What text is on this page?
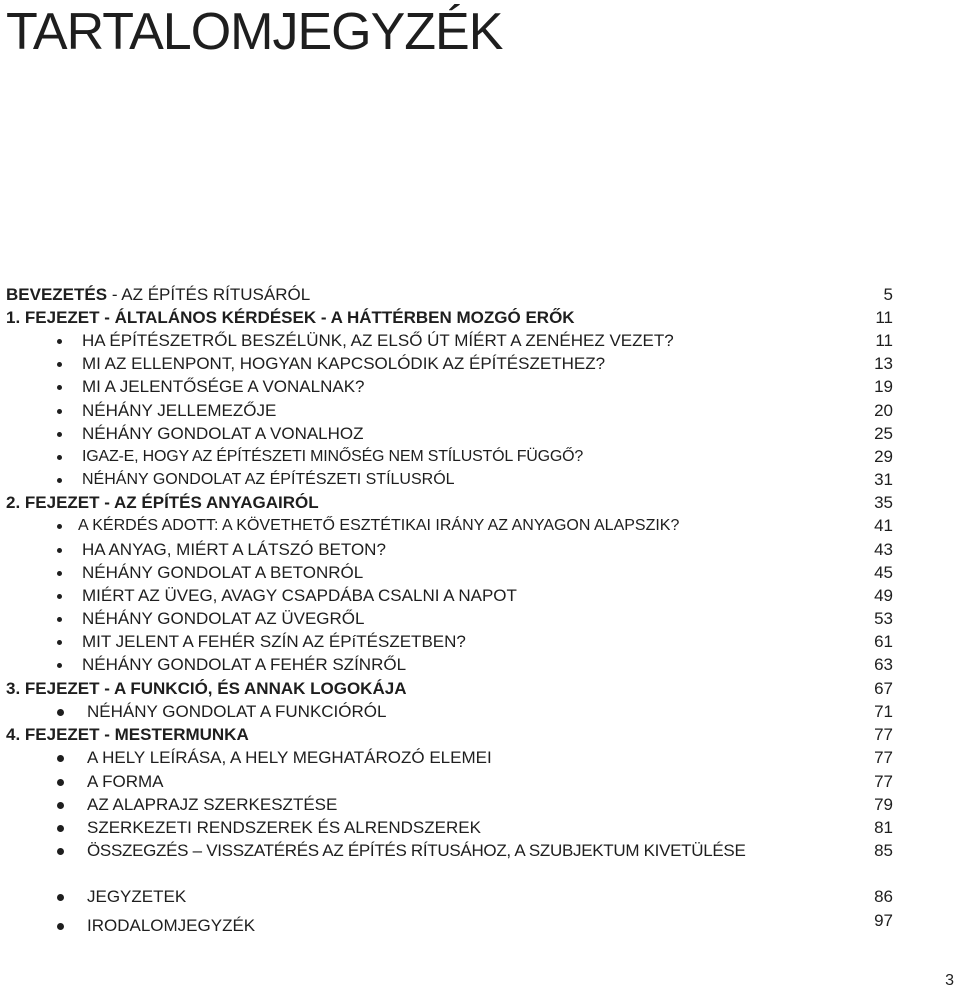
TARTALOMJEGYZÉK
BEVEZETÉS - AZ ÉPÍTÉS RÍTUSÁRÓL	5
1. FEJEZET - ÁLTALÁNOS KÉRDÉSEK - A HÁTTÉRBEN MOZGÓ ERŐK	11
HA ÉPÍTÉSZETRŐL BESZÉLÜNK, AZ ELSŐ ÚT MÍÉRT A ZENÉHEZ VEZET?	11
MI AZ ELLENPONT, HOGYAN KAPCSOLÓDIK AZ ÉPÍTÉSZETHEZ?	13
MI A JELENTŐSÉGE A VONALNAK?	19
NÉHÁNY JELLEMEZŐJE	20
NÉHÁNY GONDOLAT A VONALHOZ	25
IGAZ-E, HOGY AZ ÉPÍTÉSZETI MINŐSÉG NEM STÍLUSTÓL FÜGGŐ?	29
NÉHÁNY GONDOLAT AZ ÉPÍTÉSZETI STÍLUSRÓL	31
2. FEJEZET - AZ ÉPÍTÉS ANYAGAIRÓL	35
A KÉRDÉS ADOTT: A KÖVETHETŐ ESZTÉTIKAI IRÁNY AZ ANYAGON ALAPSZIK?	41
HA ANYAG, MIÉRT A LÁTSZÓ BETON?	43
NÉHÁNY GONDOLAT A BETONRÓL	45
MIÉRT AZ ÜVEG, AVAGY CSAPDÁBA CSALNI A NAPOT	49
NÉHÁNY GONDOLAT AZ ÜVEGRŐL	53
MIT JELENT A FEHÉR SZÍN AZ ÉPíTÉSZETBEN?	61
NÉHÁNY GONDOLAT A FEHÉR SZÍNRŐL	63
3. FEJEZET - A FUNKCIÓ, ÉS ANNAK LOGOKÁJA	67
NÉHÁNY GONDOLAT A FUNKCIÓRÓL	71
4. FEJEZET - MESTERMUNKA	77
A HELY LEÍRÁSA, A HELY MEGHATÁROZÓ ELEMEI	77
A FORMA	77
AZ ALAPRAJZ SZERKESZTÉSE	79
SZERKEZETI RENDSZEREK ÉS ALRENDSZEREK	81
ÖSSZEGZÉS – VISSZATÉRÉS AZ ÉPÍTÉS RÍTUSÁHOZ, A SZUBJEKTUM KIVETÜLÉSE	85
JEGYZETEK	86
IRODALOMJEGYZÉK	97
3
